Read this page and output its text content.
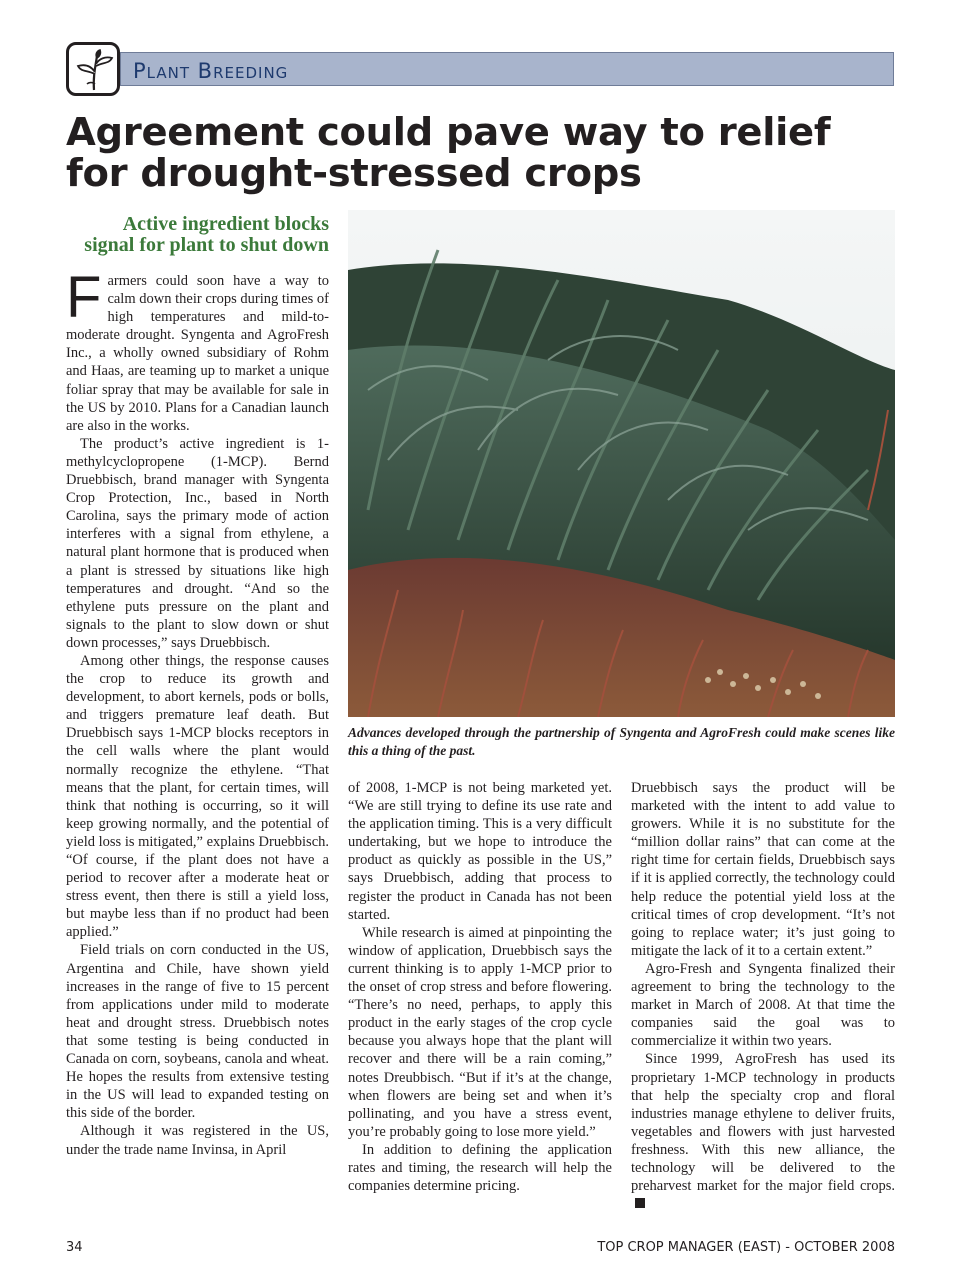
Plant Breeding
Agreement could pave way to relief
for drought-stressed crops
Active ingredient blocks
signal for plant to shut down

Farmers could soon have a way to calm down their crops during times of high temperatures and mild-to-moderate drought. Syngenta and AgroFresh Inc., a wholly owned subsidiary of Rohm and Haas, are teaming up to market a unique foliar spray that may be available for sale in the US by 2010. Plans for a Canadian launch are also in the works.

The product’s active ingredient is 1-methylcyclopropene (1-MCP). Bernd Druebbisch, brand manager with Syngenta Crop Protection, Inc., based in North Carolina, says the primary mode of action interferes with a signal from ethylene, a natural plant hormone that is produced when a plant is stressed by situations like high temperatures and drought. “And so the ethylene puts pressure on the plant and signals to the plant to slow down or shut down processes,” says Druebbisch.

Among other things, the response causes the crop to reduce its growth and development, to abort kernels, pods or bolls, and triggers premature leaf death. But Druebbisch says 1-MCP blocks receptors in the cell walls where the plant would normally recognize the ethylene. “That means that the plant, for certain times, will think that nothing is occurring, so it will keep growing normally, and the potential of yield loss is mitigated,” explains Druebbisch. “Of course, if the plant does not have a period to recover after a moderate heat or stress event, then there is still a yield loss, but maybe less than if no product had been applied.”

Field trials on corn conducted in the US, Argentina and Chile, have shown yield increases in the range of five to 15 percent from applications under mild to moderate heat and drought stress. Druebbisch notes that some testing is being conducted in Canada on corn, soybeans, canola and wheat. He hopes the results from extensive testing in the US will lead to expanded testing on this side of the border.

Although it was registered in the US, under the trade name Invinsa, in April

Advances developed through the partnership of Syngenta and AgroFresh could make scenes like this a thing of the past.

of 2008, 1-MCP is not being marketed yet. “We are still trying to define its use rate and the application timing. This is a very difficult undertaking, but we hope to introduce the product as quickly as possible in the US,” says Druebbisch, adding that process to register the product in Canada has not been started.

While research is aimed at pinpointing the window of application, Druebbisch says the current thinking is to apply 1-MCP prior to the onset of crop stress and before flowering. “There’s no need, perhaps, to apply this product in the early stages of the crop cycle because you always hope that the plant will recover and there will be a rain coming,” notes Dreubbisch. “But if it’s at the change, when flowers are being set and when it’s pollinating, and you have a stress event, you’re probably going to lose more yield.”

In addition to defining the application rates and timing, the research will help the companies determine pricing.

Druebbisch says the product will be marketed with the intent to add value to growers. While it is no substitute for the “million dollar rains” that can come at the right time for certain fields, Druebbisch says if it is applied correctly, the technology could help reduce the potential yield loss at the critical times of crop development. “It’s not going to replace water; it’s just going to mitigate the lack of it to a certain extent.”

Agro-Fresh and Syngenta finalized their agreement to bring the technology to the market in March of 2008. At that time the companies said the goal was to commercialize it within two years.

Since 1999, AgroFresh has used its proprietary 1-MCP technology in products that help the specialty crop and floral industries manage ethylene to deliver fruits, vegetables and flowers with just harvested freshness. With this new alliance, the technology will be delivered to the preharvest market for the major field crops.

34	TOP CROP MANAGER (EAST) - OCTOBER 2008
